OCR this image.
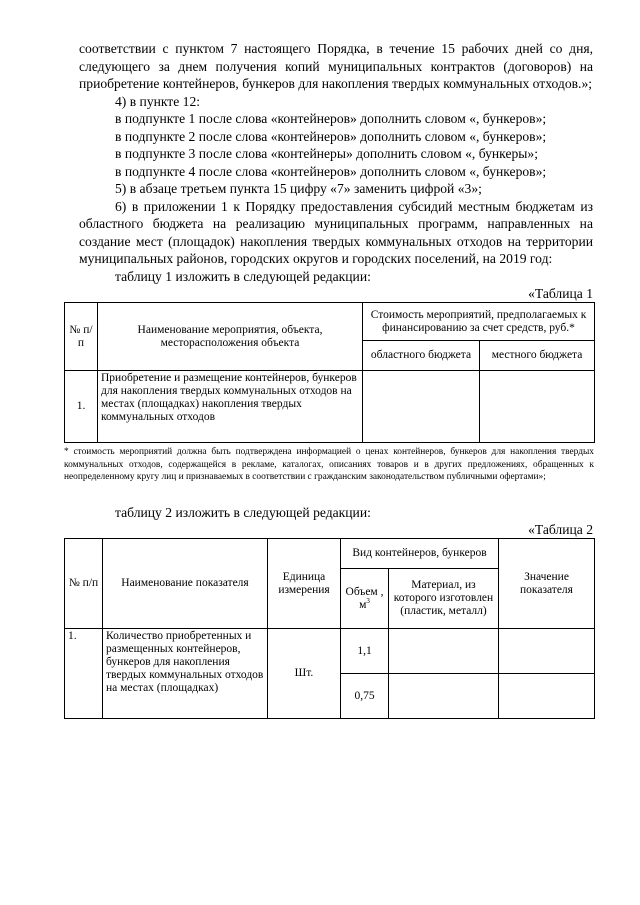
соответствии с пунктом 7 настоящего Порядка, в течение 15 рабочих дней со дня, следующего за днем получения копий муниципальных контрактов (договоров) на приобретение контейнеров, бункеров для накопления твердых коммунальных отходов.»;

4) в пункте 12:

в подпункте 1 после слова «контейнеров» дополнить словом «, бункеров»;

в подпункте 2 после слова «контейнеров» дополнить словом «, бункеров»;

в подпункте 3 после слова «контейнеры» дополнить словом «, бункеры»;

в подпункте 4 после слова «контейнеров» дополнить словом «, бункеров»;

5) в абзаце третьем пункта 15 цифру «7» заменить цифрой «3»;

6) в приложении 1 к Порядку предоставления субсидий местным бюджетам из областного бюджета на реализацию муниципальных программ, направленных на создание мест (площадок) накопления твердых коммунальных отходов на территории муниципальных районов, городских округов и городских поселений, на 2019 год:

таблицу 1 изложить в следующей редакции:

«Таблица 1
№ п/п	Наименование мероприятия, объекта, месторасположения объекта	Стоимость мероприятий, предполагаемых к финансированию за счет средств, руб.*	
		областного бюджета	местного бюджета
1.	Приобретение и размещение контейнеров, бункеров для накопления твердых коммунальных отходов на местах (площадках) накопления твердых коммунальных отходов		

* стоимость мероприятий должна быть подтверждена информацией о ценах контейнеров, бункеров для накопления твердых коммунальных отходов, содержащейся в рекламе, каталогах, описаниях товаров и в других предложениях, обращенных к неопределенному кругу лиц и признаваемых в соответствии с гражданским законодательством публичными офертами»;

таблицу 2 изложить в следующей редакции:

«Таблица 2
№ п/п	Наименование показателя	Единица измерения	Вид контейнеров, бункеров		Значение показателя
			Объем , $м^3$	Материал, из которого изготовлен (пластик, металл)	
1.	Количество приобретенных и размещенных контейнеров, бункеров для накопления твердых коммунальных отходов на местах (площадках)	Шт.	1,1		
			0,75		
